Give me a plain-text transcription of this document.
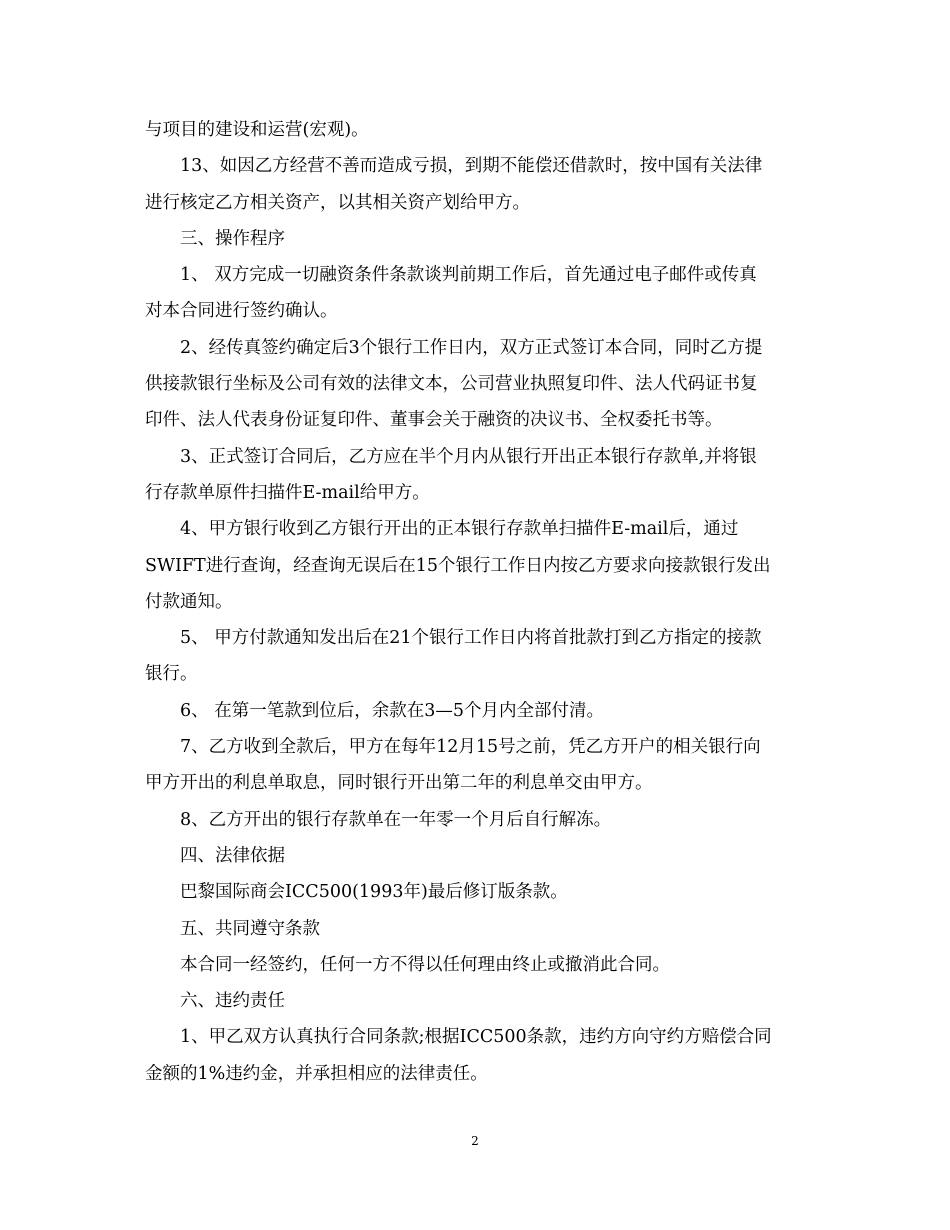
与项目的建设和运营(宏观)。
13、如因乙方经营不善而造成亏损，到期不能偿还借款时，按中国有关法律
进行核定乙方相关资产，以其相关资产划给甲方。
三、操作程序
1、 双方完成一切融资条件条款谈判前期工作后，首先通过电子邮件或传真
对本合同进行签约确认。
2、经传真签约确定后3个银行工作日内，双方正式签订本合同，同时乙方提
供接款银行坐标及公司有效的法律文本，公司营业执照复印件、法人代码证书复
印件、法人代表身份证复印件、董事会关于融资的决议书、全权委托书等。
3、正式签订合同后，乙方应在半个月内从银行开出正本银行存款单,并将银
行存款单原件扫描件E-mail给甲方。
4、甲方银行收到乙方银行开出的正本银行存款单扫描件E-mail后，通过
SWIFT进行查询，经查询无误后在15个银行工作日内按乙方要求向接款银行发出
付款通知。
5、 甲方付款通知发出后在21个银行工作日内将首批款打到乙方指定的接款
银行。
6、 在第一笔款到位后，余款在3—5个月内全部付清。
7、乙方收到全款后，甲方在每年12月15号之前，凭乙方开户的相关银行向
甲方开出的利息单取息，同时银行开出第二年的利息单交由甲方。
8、乙方开出的银行存款单在一年零一个月后自行解冻。
四、法律依据
巴黎国际商会ICC500(1993年)最后修订版条款。
五、共同遵守条款
本合同一经签约，任何一方不得以任何理由终止或撤消此合同。
六、违约责任
1、甲乙双方认真执行合同条款;根据ICC500条款，违约方向守约方赔偿合同
金额的1%违约金，并承担相应的法律责任。

2
